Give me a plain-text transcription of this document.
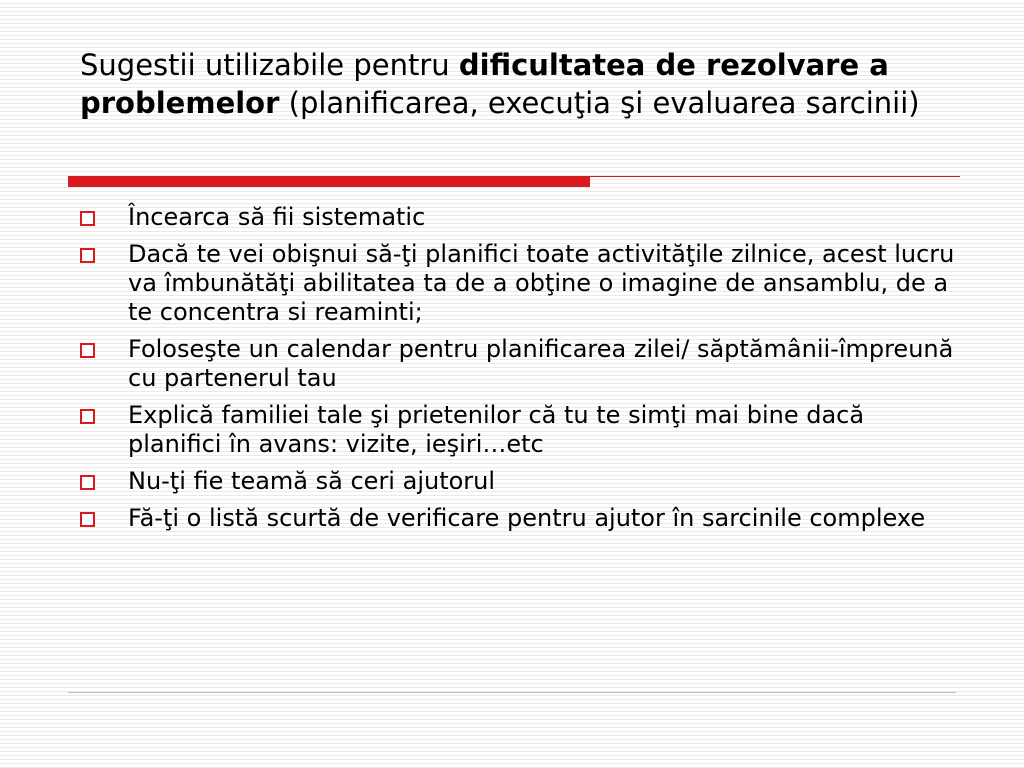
Sugestii utilizabile pentru dificultatea de rezolvare a problemelor (planificarea, execuţia şi evaluarea sarcinii)
Încearca să fii sistematic
Dacă te vei obişnui să-ţi planifici toate activităţile zilnice, acest lucru va îmbunătăţi abilitatea ta de a obţine o imagine de ansamblu, de a te concentra si reaminti;
Foloseşte un calendar pentru planificarea zilei/ săptămânii-împreună cu partenerul tau
Explică familiei tale şi prietenilor că tu te simţi mai bine dacă planifici în avans: vizite, ieşiri…etc
Nu-ţi fie teamă să ceri ajutorul
Fă-ţi o listă scurtă de verificare pentru ajutor în sarcinile complexe
